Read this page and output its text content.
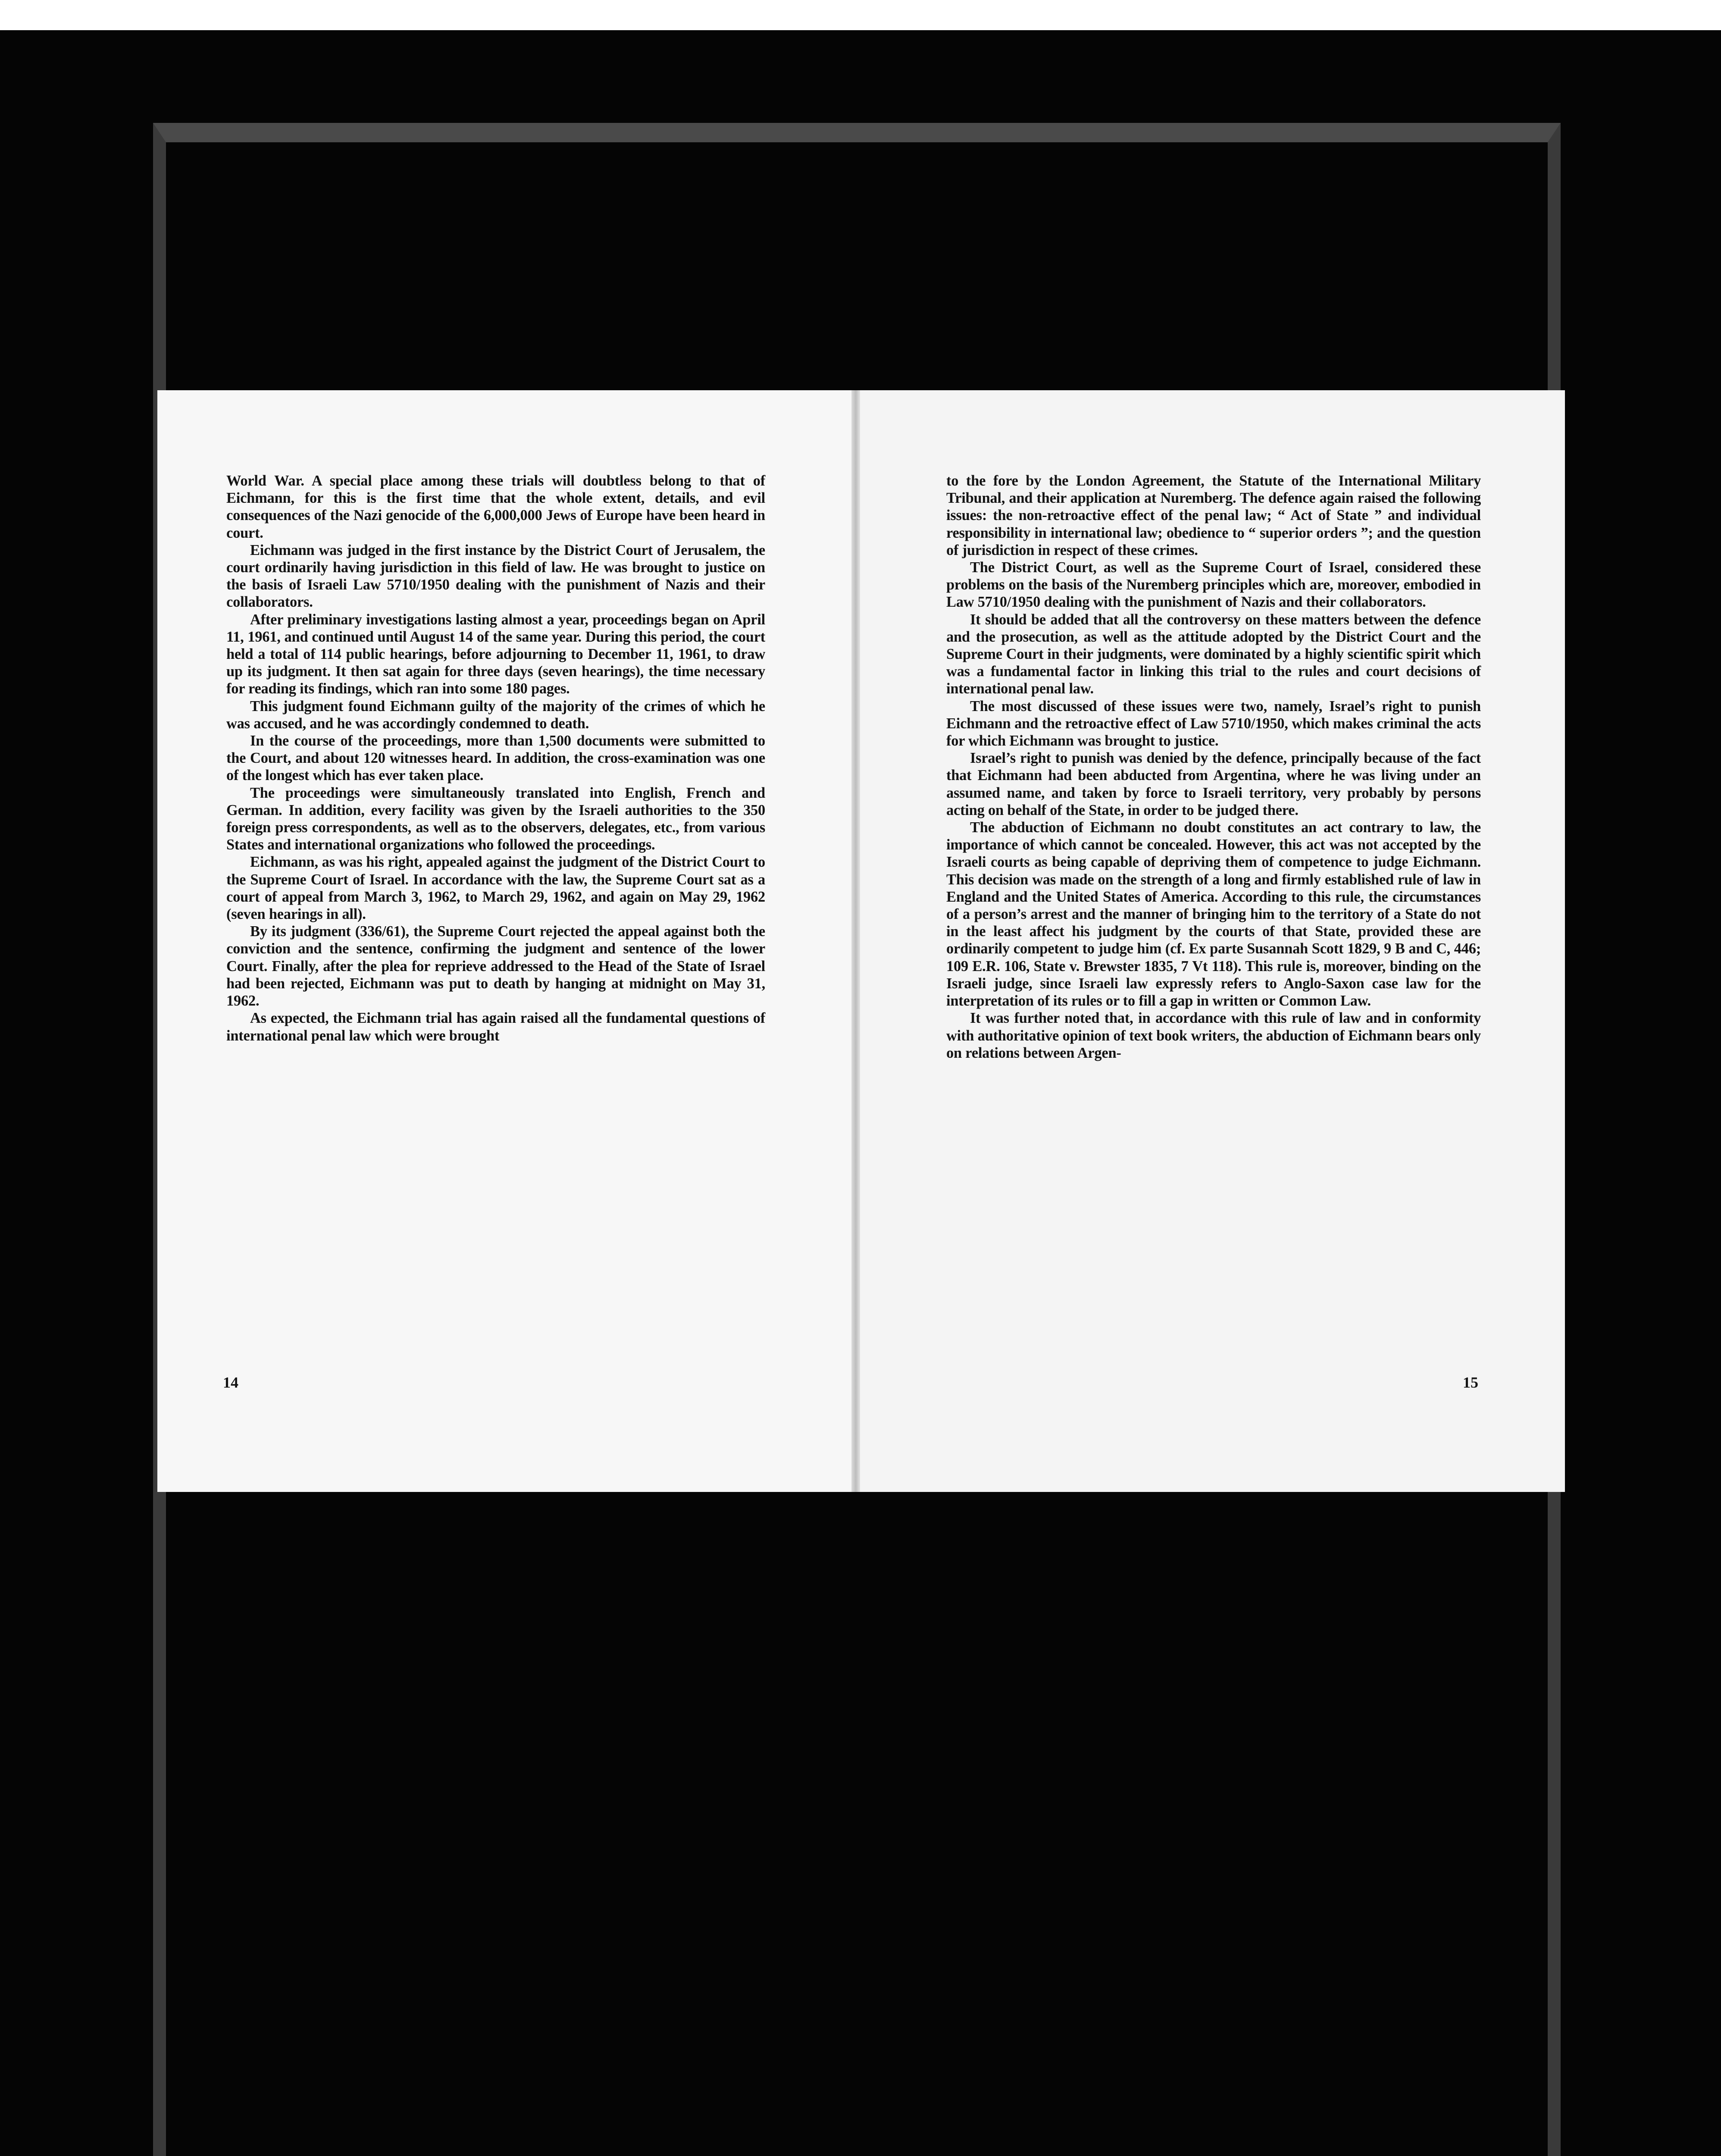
World War. A special place among these trials will doubtless belong to that of Eichmann, for this is the first time that the whole extent, details, and evil consequences of the Nazi genocide of the 6,000,000 Jews of Europe have been heard in court.

Eichmann was judged in the first instance by the District Court of Jerusalem, the court ordinarily having jurisdiction in this field of law. He was brought to justice on the basis of Israeli Law 5710/1950 dealing with the punishment of Nazis and their collaborators.

After preliminary investigations lasting almost a year, proceedings began on April 11, 1961, and continued until August 14 of the same year. During this period, the court held a total of 114 public hearings, before adjourning to December 11, 1961, to draw up its judgment. It then sat again for three days (seven hearings), the time necessary for reading its findings, which ran into some 180 pages.

This judgment found Eichmann guilty of the majority of the crimes of which he was accused, and he was accordingly condemned to death.

In the course of the proceedings, more than 1,500 documents were submitted to the Court, and about 120 witnesses heard. In addition, the cross-examination was one of the longest which has ever taken place.

The proceedings were simultaneously translated into English, French and German. In addition, every facility was given by the Israeli authorities to the 350 foreign press correspondents, as well as to the observers, delegates, etc., from various States and international organizations who followed the proceedings.

Eichmann, as was his right, appealed against the judgment of the District Court to the Supreme Court of Israel. In accordance with the law, the Supreme Court sat as a court of appeal from March 3, 1962, to March 29, 1962, and again on May 29, 1962 (seven hearings in all).

By its judgment (336/61), the Supreme Court rejected the appeal against both the conviction and the sentence, confirming the judgment and sentence of the lower Court. Finally, after the plea for reprieve addressed to the Head of the State of Israel had been rejected, Eichmann was put to death by hanging at midnight on May 31, 1962.

As expected, the Eichmann trial has again raised all the fundamental questions of international penal law which were brought

14

to the fore by the London Agreement, the Statute of the International Military Tribunal, and their application at Nuremberg. The defence again raised the following issues: the non-retroactive effect of the penal law; “ Act of State ” and individual responsibility in international law; obedience to “ superior orders ”; and the question of jurisdiction in respect of these crimes.

The District Court, as well as the Supreme Court of Israel, considered these problems on the basis of the Nuremberg principles which are, moreover, embodied in Law 5710/1950 dealing with the punishment of Nazis and their collaborators.

It should be added that all the controversy on these matters between the defence and the prosecution, as well as the attitude adopted by the District Court and the Supreme Court in their judgments, were dominated by a highly scientific spirit which was a fundamental factor in linking this trial to the rules and court decisions of international penal law.

The most discussed of these issues were two, namely, Israel’s right to punish Eichmann and the retroactive effect of Law 5710/1950, which makes criminal the acts for which Eichmann was brought to justice.

Israel’s right to punish was denied by the defence, principally because of the fact that Eichmann had been abducted from Argentina, where he was living under an assumed name, and taken by force to Israeli territory, very probably by persons acting on behalf of the State, in order to be judged there.

The abduction of Eichmann no doubt constitutes an act contrary to law, the importance of which cannot be concealed. However, this act was not accepted by the Israeli courts as being capable of depriving them of competence to judge Eichmann. This decision was made on the strength of a long and firmly established rule of law in England and the United States of America. According to this rule, the circumstances of a person’s arrest and the manner of bringing him to the territory of a State do not in the least affect his judgment by the courts of that State, provided these are ordinarily competent to judge him (cf. Ex parte Susannah Scott 1829, 9 B and C, 446; 109 E.R. 106, State v. Brewster 1835, 7 Vt 118). This rule is, moreover, binding on the Israeli judge, since Israeli law expressly refers to Anglo-Saxon case law for the interpretation of its rules or to fill a gap in written or Common Law.

It was further noted that, in accordance with this rule of law and in conformity with authoritative opinion of text book writers, the abduction of Eichmann bears only on relations between Argen-

15
